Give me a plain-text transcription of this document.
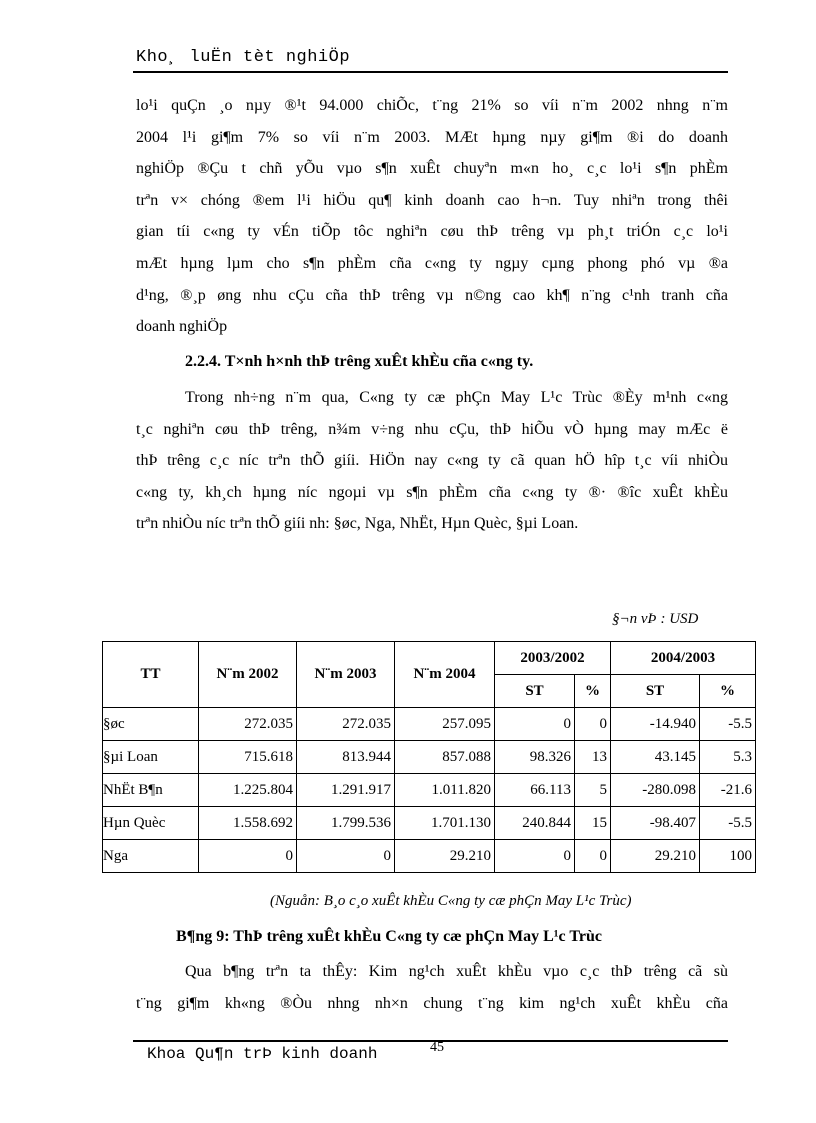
Kho¸ luËn tèt nghiÖp

lo¹i quÇn ¸o nµy ®¹t 94.000 chiÕc, t¨ng 21% so víi n¨m 2002 nhng n¨m

2004 l¹i gi¶m 7% so víi n¨m 2003. MÆt hµng nµy gi¶m ®i do doanh

nghiÖp ®Çu t chñ yÕu vµo s¶n xuÊt chuyªn m«n ho¸ c¸c lo¹i s¶n phÈm

trªn v× chóng ®em l¹i hiÖu qu¶ kinh doanh cao h¬n. Tuy nhiªn trong thêi

gian tíi c«ng ty vÉn tiÕp tôc nghiªn cøu thÞ trêng vµ ph¸t triÓn c¸c lo¹i

mÆt hµng lµm cho s¶n phÈm cña c«ng ty ngµy cµng phong phó vµ ®a

d¹ng, ®¸p øng nhu cÇu cña thÞ trêng vµ n©ng cao kh¶ n¨ng c¹nh tranh cña

doanh nghiÖp

2.2.4. T×nh h×nh thÞ trêng xuÊt khÈu cña c«ng ty.

Trong nh÷ng n¨m qua, C«ng ty cæ phÇn May L¹c Trùc ®Èy m¹nh c«ng

t¸c nghiªn cøu thÞ trêng, n¾m v÷ng nhu cÇu, thÞ hiÕu vÒ hµng may mÆc ë

thÞ trêng c¸c níc trªn thÕ giíi. HiÖn nay c«ng ty cã quan hÖ hîp t¸c víi nhiÒu

c«ng ty, kh¸ch hµng níc ngoµi vµ s¶n phÈm cña c«ng ty ®· ®îc xuÊt khÈu

trªn nhiÒu níc trªn thÕ giíi nh: §øc, Nga, NhËt, Hµn Quèc, §µi Loan.

§¬n vÞ : USD
TT	N¨m 2002	N¨m 2003	N¨m 2004	2003/2002		2004/2003	
				ST	%	ST	%
§øc	272.035	272.035	257.095	0	0	-14.940	-5.5
§µi Loan	715.618	813.944	857.088	98.326	13	43.145	5.3
NhËt B¶n	1.225.804	1.291.917	1.011.820	66.113	5	-280.098	-21.6
Hµn Quèc	1.558.692	1.799.536	1.701.130	240.844	15	-98.407	-5.5
Nga	0	0	29.210	0	0	29.210	100
(Nguån: B¸o c¸o xuÊt khÈu C«ng ty cæ phÇn May L¹c Trùc)
B¶ng 9: ThÞ trêng xuÊt khÈu C«ng ty cæ phÇn May L¹c Trùc

Qua b¶ng trªn ta thÊy: Kim ng¹ch xuÊt khÈu vµo c¸c thÞ trêng cã sù

t¨ng gi¶m kh«ng ®Òu nhng nh×n chung t¨ng kim ng¹ch xuÊt khÈu cña

Khoa Qu¶n trÞ kinh doanh	45
